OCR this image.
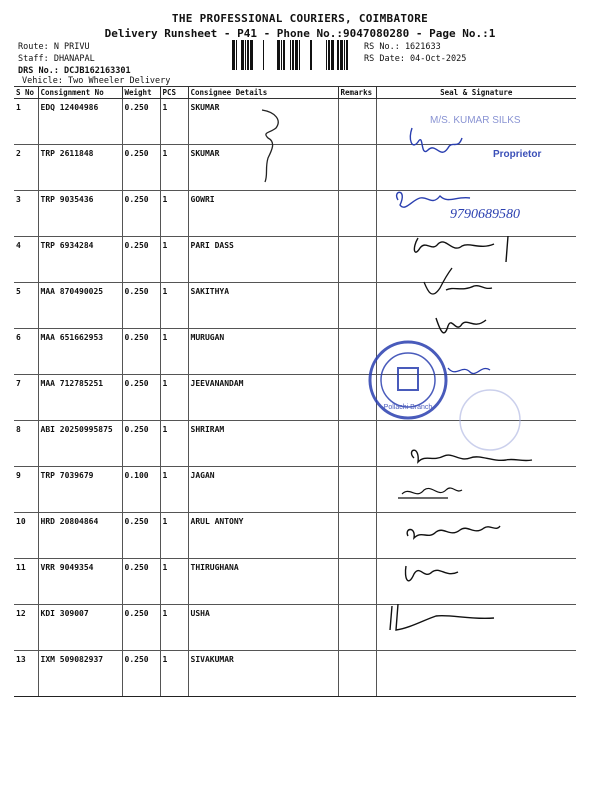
THE PROFESSIONAL COURIERS, COIMBATORE
Delivery Runsheet - P41 - Phone No.:9047080280 - Page No.:1
Route: N PRIVU
Staff: DHANAPAL
DRS No.: DCJB162163301
Vehicle: Two Wheeler Delivery
RS No.: 1621633
RS Date: 04-Oct-2025
S No	Consignment No	Weight	PCS	Consignee Details	Remarks	Seal & Signature
1	EDQ 12404986	0.250	1	SKUMAR		
2	TRP 2611848	0.250	1	SKUMAR		
3	TRP 9035436	0.250	1	GOWRI		
4	TRP 6934284	0.250	1	PARI DASS		
5	MAA 870490025	0.250	1	SAKITHYA		
6	MAA 651662953	0.250	1	MURUGAN		
7	MAA 712785251	0.250	1	JEEVANANDAM		
8	ABI 20250995875	0.250	1	SHRIRAM		
9	TRP 7039679	0.100	1	JAGAN		
10	HRD 20804864	0.250	1	ARUL ANTONY		
11	VRR 9049354	0.250	1	THIRUGHANA		
12	KDI 309007	0.250	1	USHA		
13	IXM 509082937	0.250	1	SIVAKUMAR		
M/S. KUMAR SILKS
Proprietor
9790689580
Pollachi Branch
